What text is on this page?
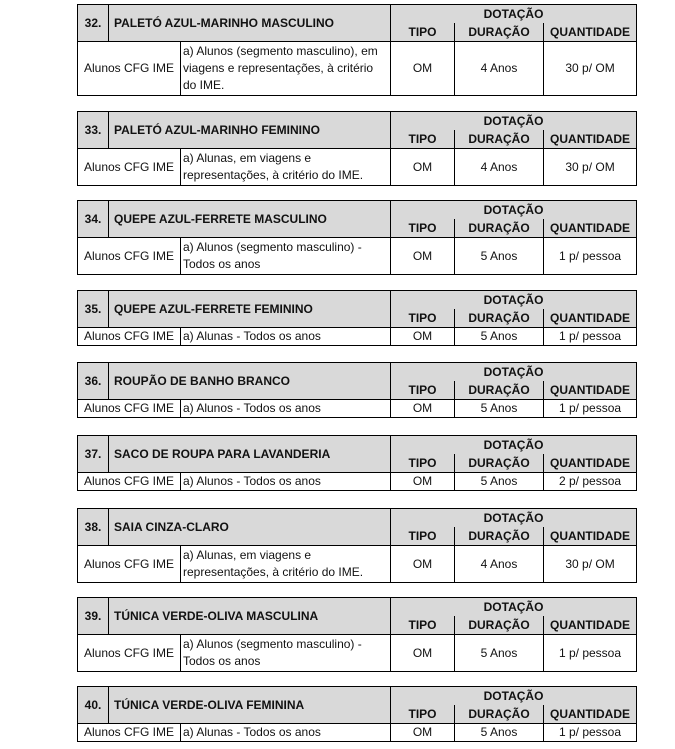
32. PALETÓ AZUL-MARINHO MASCULINO		DOTAÇÃO		
		TIPO	DURAÇÃO	QUANTIDADE
Alunos CFG IME	a) Alunos (segmento masculino), em
viagens e representações, à critério
do IME.	OM	4 Anos	30 p/ OM
33. PALETÓ AZUL-MARINHO FEMININO		DOTAÇÃO		
		TIPO	DURAÇÃO	QUANTIDADE
Alunos CFG IME	a) Alunas, em viagens e
representações, à critério do IME.	OM	4 Anos	30 p/ OM
34. QUEPE AZUL-FERRETE MASCULINO		DOTAÇÃO		
		TIPO	DURAÇÃO	QUANTIDADE
Alunos CFG IME	a) Alunos (segmento masculino) -
Todos os anos	OM	5 Anos	1 p/ pessoa
35. QUEPE AZUL-FERRETE FEMININO		DOTAÇÃO		
		TIPO	DURAÇÃO	QUANTIDADE
Alunos CFG IME	a) Alunas - Todos os anos	OM	5 Anos	1 p/ pessoa
36. ROUPÃO DE BANHO BRANCO		DOTAÇÃO		
		TIPO	DURAÇÃO	QUANTIDADE
Alunos CFG IME	a) Alunos - Todos os anos	OM	5 Anos	1 p/ pessoa
37. SACO DE ROUPA PARA LAVANDERIA		DOTAÇÃO		
		TIPO	DURAÇÃO	QUANTIDADE
Alunos CFG IME	a) Alunos - Todos os anos	OM	5 Anos	2 p/ pessoa
38. SAIA CINZA-CLARO		DOTAÇÃO		
		TIPO	DURAÇÃO	QUANTIDADE
Alunos CFG IME	a) Alunas, em viagens e
representações, à critério do IME.	OM	4 Anos	30 p/ OM
39. TÚNICA VERDE-OLIVA MASCULINA		DOTAÇÃO		
		TIPO	DURAÇÃO	QUANTIDADE
Alunos CFG IME	a) Alunos (segmento masculino) -
Todos os anos	OM	5 Anos	1 p/ pessoa
40. TÚNICA VERDE-OLIVA FEMININA		DOTAÇÃO		
		TIPO	DURAÇÃO	QUANTIDADE
Alunos CFG IME	a) Alunas - Todos os anos	OM	5 Anos	1 p/ pessoa
